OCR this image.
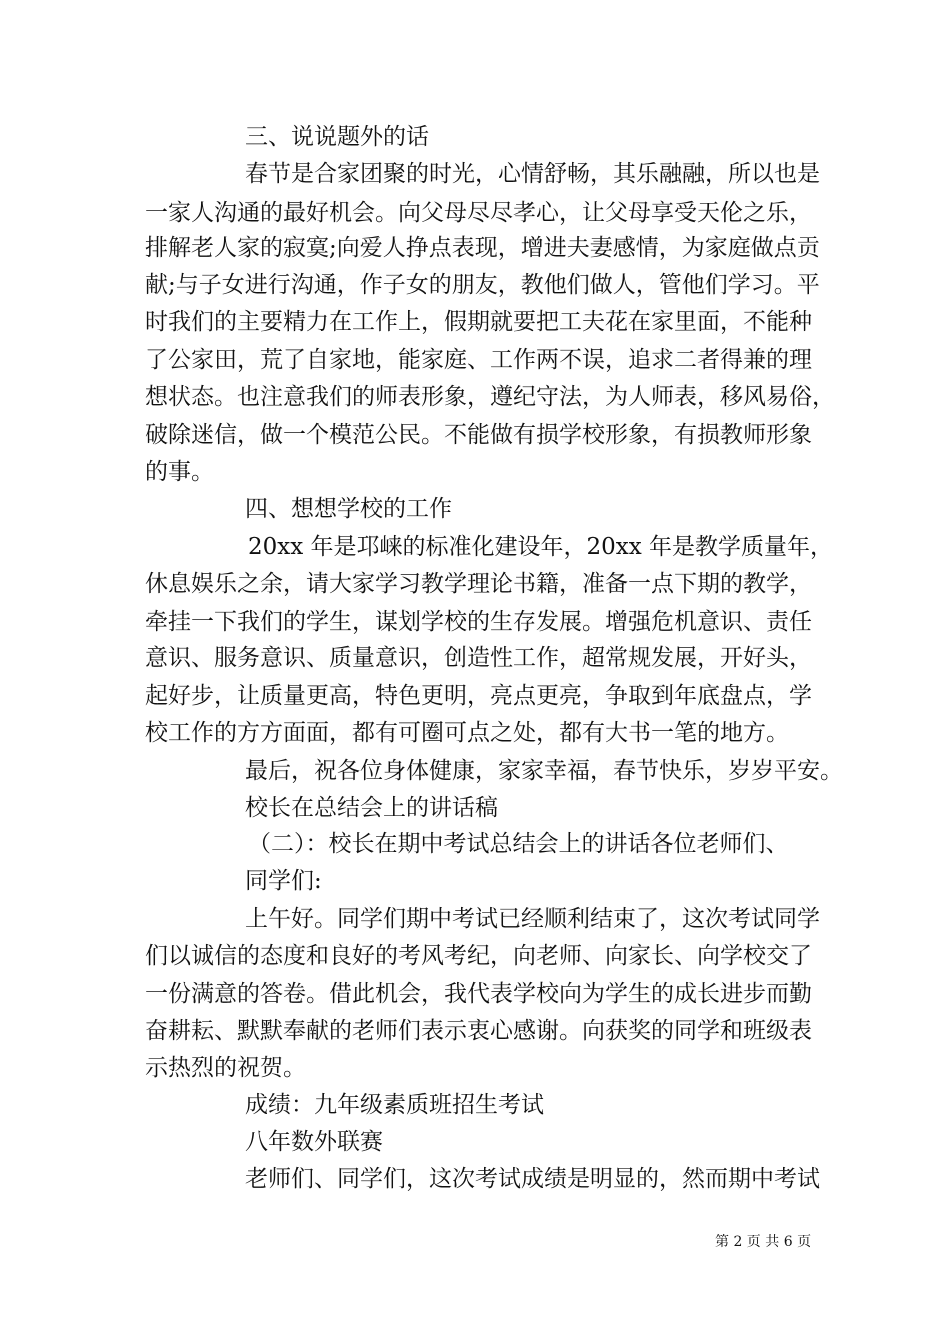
三、说说题外的话
春节是合家团聚的时光，心情舒畅，其乐融融，所以也是
一家人沟通的最好机会。向父母尽尽孝心，让父母享受天伦之乐，
排解老人家的寂寞;向爱人挣点表现，增进夫妻感情，为家庭做点贡
献;与子女进行沟通，作子女的朋友，教他们做人，管他们学习。平
时我们的主要精力在工作上，假期就要把工夫花在家里面，不能种
了公家田，荒了自家地，能家庭、工作两不误，追求二者得兼的理
想状态。也注意我们的师表形象，遵纪守法，为人师表，移风易俗，
破除迷信，做一个模范公民。不能做有损学校形象，有损教师形象
的事。
四、想想学校的工作
20xx 年是邛崃的标准化建设年，20xx 年是教学质量年，
休息娱乐之余，请大家学习教学理论书籍，准备一点下期的教学，
牵挂一下我们的学生，谋划学校的生存发展。增强危机意识、责任
意识、服务意识、质量意识，创造性工作，超常规发展，开好头，
起好步，让质量更高，特色更明，亮点更亮，争取到年底盘点，学
校工作的方方面面，都有可圈可点之处，都有大书一笔的地方。
最后，祝各位身体健康，家家幸福，春节快乐，岁岁平安。
校长在总结会上的讲话稿
（二）：校长在期中考试总结会上的讲话各位老师们、
同学们:
上午好。同学们期中考试已经顺利结束了，这次考试同学
们以诚信的态度和良好的考风考纪，向老师、向家长、向学校交了
一份满意的答卷。借此机会，我代表学校向为学生的成长进步而勤
奋耕耘、默默奉献的老师们表示衷心感谢。向获奖的同学和班级表
示热烈的祝贺。
成绩：九年级素质班招生考试
八年数外联赛
老师们、同学们，这次考试成绩是明显的，然而期中考试
第 2 页 共 6 页
